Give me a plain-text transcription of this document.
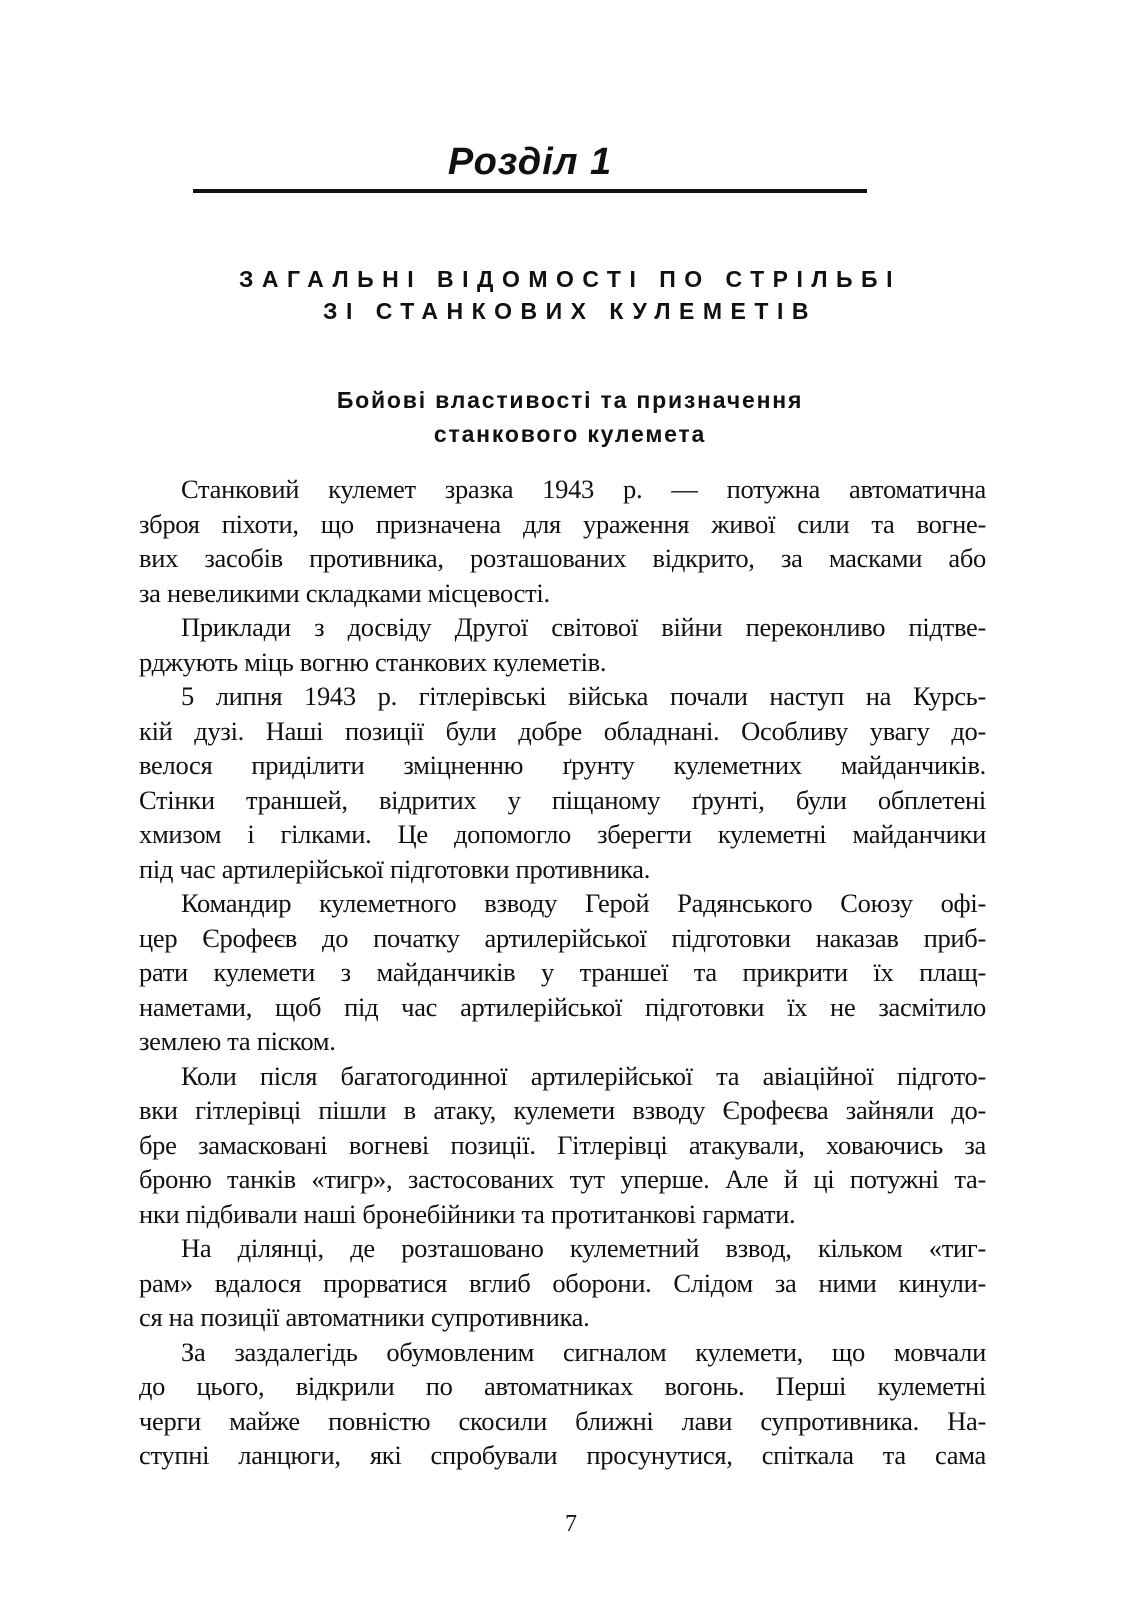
Розділ 1
ЗАГАЛЬНІ ВІДОМОСТІ ПО СТРІЛЬБІ
ЗІ СТАНКОВИХ КУЛЕМЕТІВ
Бойові властивості та призначення
станкового кулемета
Станковий кулемет зразка 1943 р. — потужна автоматична
зброя піхоти, що призначена для ураження живої сили та вогне-
вих засобів противника, розташованих відкрито, за масками або
за невеликими складками місцевості.
Приклади з досвіду Другої світової війни переконливо підтве-
рджують міць вогню станкових кулеметів.
5 липня 1943 р. гітлерівські війська почали наступ на Курсь-
кій дузі. Наші позиції були добре обладнані. Особливу увагу до-
велося приділити зміцненню ґрунту кулеметних майданчиків.
Стінки траншей, відритих у піщаному ґрунті, були обплетені
хмизом і гілками. Це допомогло зберегти кулеметні майданчики
під час артилерійської підготовки противника.
Командир кулеметного взводу Герой Радянського Союзу офі-
цер Єрофеєв до початку артилерійської підготовки наказав приб-
рати кулемети з майданчиків у траншеї та прикрити їх плащ-
наметами, щоб під час артилерійської підготовки їх не засмітило
землею та піском.
Коли після багатогодинної артилерійської та авіаційної підгото-
вки гітлерівці пішли в атаку, кулемети взводу Єрофеєва зайняли до-
бре замасковані вогневі позиції. Гітлерівці атакували, ховаючись за
броню танків «тигр», застосованих тут уперше. Але й ці потужні та-
нки підбивали наші бронебійники та протитанкові гармати.
На ділянці, де розташовано кулеметний взвод, кільком «тиг-
рам» вдалося прорватися вглиб оборони. Слідом за ними кинули-
ся на позиції автоматники супротивника.
За заздалегідь обумовленим сигналом кулемети, що мовчали
до цього, відкрили по автоматниках вогонь. Перші кулеметні
черги майже повністю скосили ближні лави супротивника. На-
ступні ланцюги, які спробували просунутися, спіткала та сама
7
